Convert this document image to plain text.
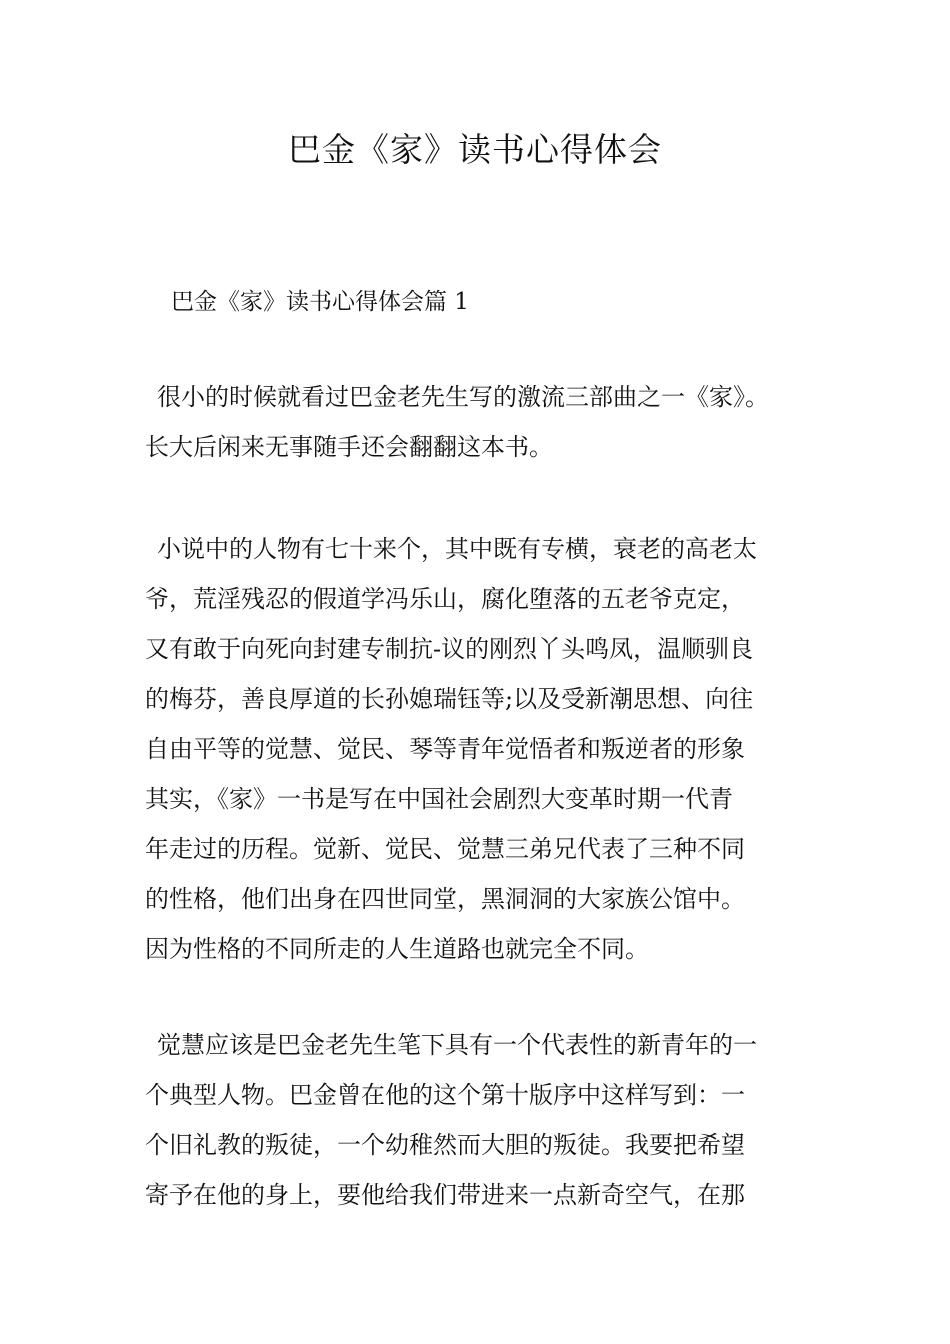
巴金《家》读书心得体会
巴金《家》读书心得体会篇 1
很小的时候就看过巴金老先生写的激流三部曲之一《家》。
长大后闲来无事随手还会翻翻这本书。
小说中的人物有七十来个，其中既有专横，衰老的高老太
爷，荒淫残忍的假道学冯乐山，腐化堕落的五老爷克定，
又有敢于向死向封建专制抗-议的刚烈丫头鸣凤，温顺驯良
的梅芬，善良厚道的长孙媳瑞钰等;以及受新潮思想、向往
自由平等的觉慧、觉民、琴等青年觉悟者和叛逆者的形象
其实，《家》一书是写在中国社会剧烈大变革时期一代青
年走过的历程。觉新、觉民、觉慧三弟兄代表了三种不同
的性格，他们出身在四世同堂，黑洞洞的大家族公馆中。
因为性格的不同所走的人生道路也就完全不同。
觉慧应该是巴金老先生笔下具有一个代表性的新青年的一
个典型人物。巴金曾在他的这个第十版序中这样写到：一
个旧礼教的叛徒，一个幼稚然而大胆的叛徒。我要把希望
寄予在他的身上，要他给我们带进来一点新奇空气，在那
